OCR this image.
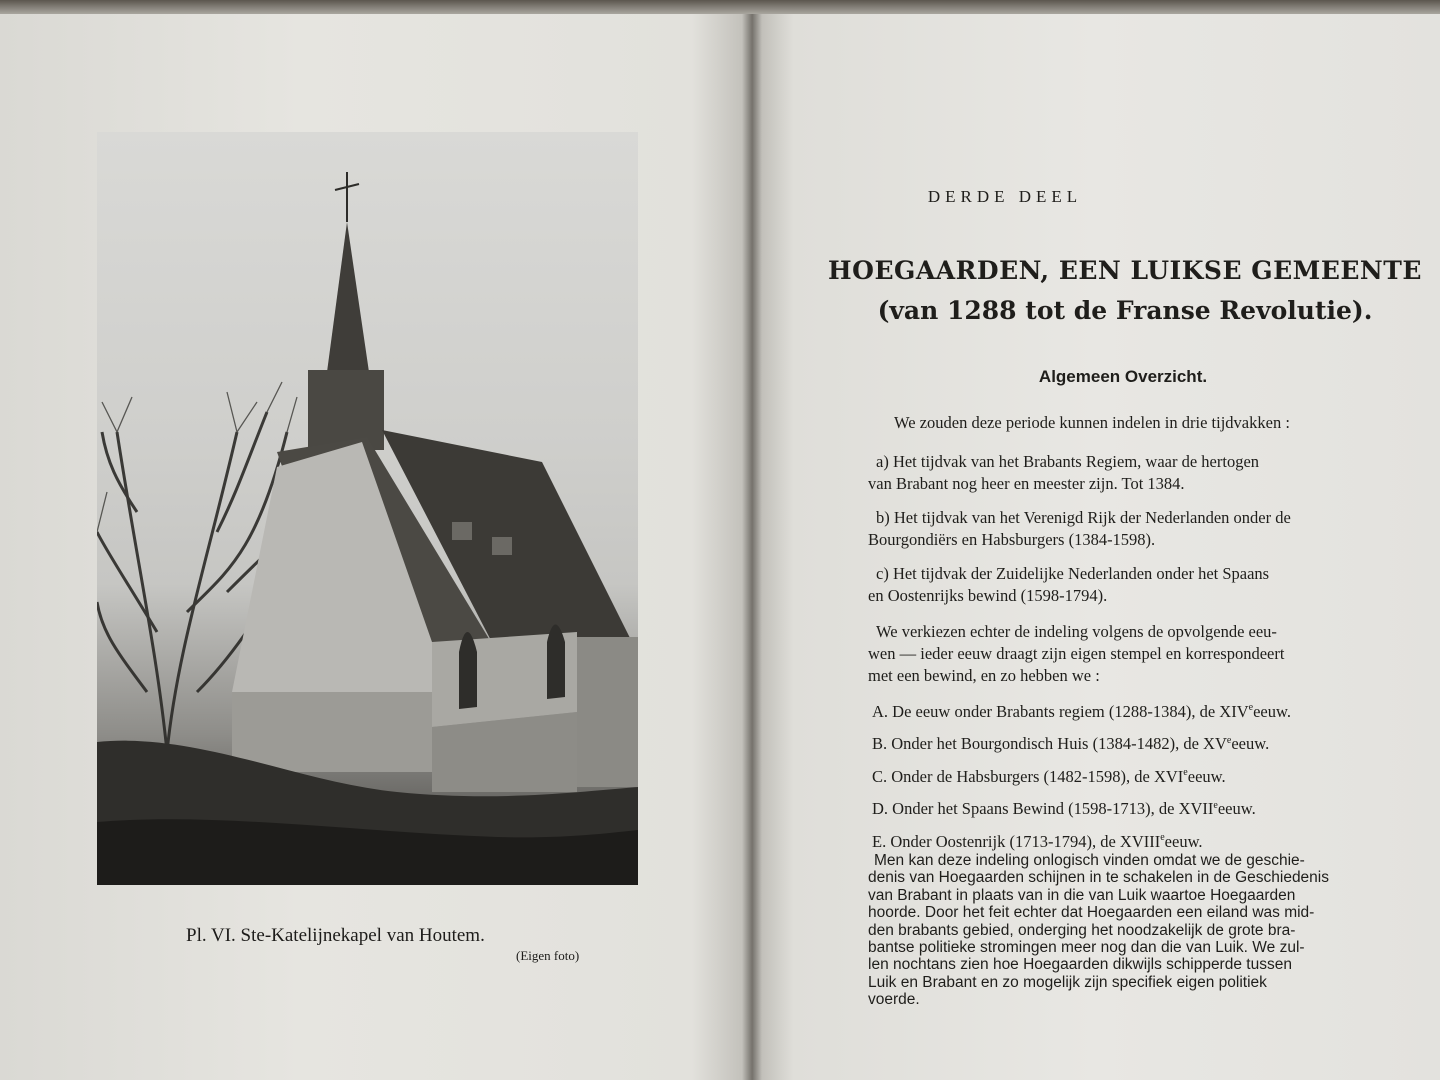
Pl. VI. Ste-Katelijnekapel van Houtem.
(Eigen foto)
DERDE DEEL
HOEGAARDEN, EEN LUIKSE GEMEENTE
(van 1288 tot de Franse Revolutie).
Algemeen Overzicht.
We zouden deze periode kunnen indelen in drie tijdvakken :
a) Het tijdvak van het Brabants Regiem, waar de hertogen
van Brabant nog heer en meester zijn. Tot 1384.
b) Het tijdvak van het Verenigd Rijk der Nederlanden onder de
Bourgondiërs en Habsburgers (1384-1598).
c) Het tijdvak der Zuidelijke Nederlanden onder het Spaans
en Oostenrijks bewind (1598-1794).
We verkiezen echter de indeling volgens de opvolgende eeu-
wen — ieder eeuw draagt zijn eigen stempel en korrespondeert
met een bewind, en zo hebben we :
A. De eeuw onder Brabants regiem (1288-1384), de XIVeeeuw.
B. Onder het Bourgondisch Huis (1384-1482), de XVeeeuw.
C. Onder de Habsburgers (1482-1598), de XVIeeeuw.
D. Onder het Spaans Bewind (1598-1713), de XVIIeeeuw.
E. Onder Oostenrijk (1713-1794), de XVIIIeeeuw.
Men kan deze indeling onlogisch vinden omdat we de geschie-
denis van Hoegaarden schijnen in te schakelen in de Geschiedenis
van Brabant in plaats van in die van Luik waartoe Hoegaarden
hoorde. Door het feit echter dat Hoegaarden een eiland was mid-
den brabants gebied, onderging het noodzakelijk de grote bra-
bantse politieke stromingen meer nog dan die van Luik. We zul-
len nochtans zien hoe Hoegaarden dikwijls schipperde tussen
Luik en Brabant en zo mogelijk zijn specifiek eigen politiek
voerde.
